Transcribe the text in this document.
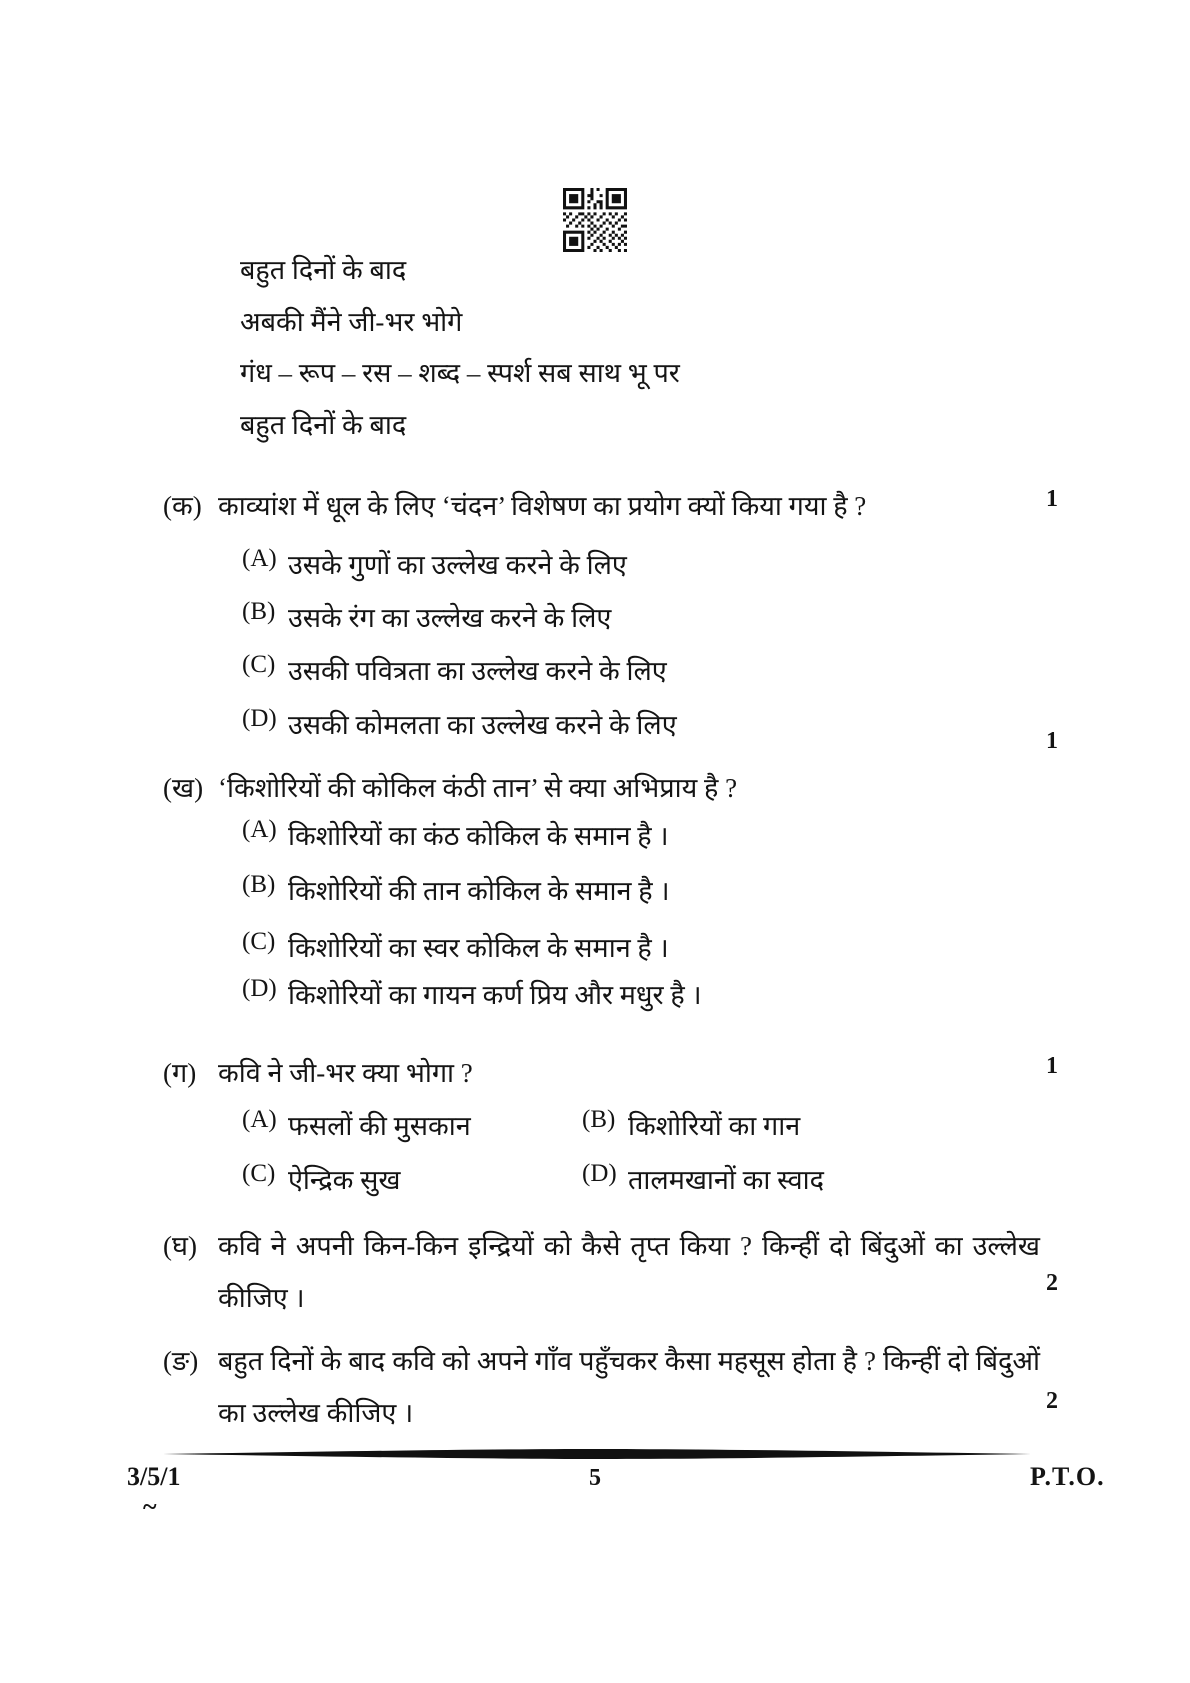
बहुत दिनों के बाद
अबकी मैंने जी-भर भोगे
गंध – रूप – रस – शब्द – स्पर्श सब साथ भू पर
बहुत दिनों के बाद
(क) काव्यांश में धूल के लिए ‘चंदन’ विशेषण का प्रयोग क्यों किया गया है ?	1
(A) उसके गुणों का उल्लेख करने के लिए
(B) उसके रंग का उल्लेख करने के लिए
(C) उसकी पवित्रता का उल्लेख करने के लिए
(D) उसकी कोमलता का उल्लेख करने के लिए
(ख) ‘किशोरियों की कोकिल कंठी तान’ से क्या अभिप्राय है ?
1
(A) किशोरियों का कंठ कोकिल के समान है ।
(B) किशोरियों की तान कोकिल के समान है ।
(C) किशोरियों का स्वर कोकिल के समान है ।
(D) किशोरियों का गायन कर्ण प्रिय और मधुर है ।
(ग) कवि ने जी-भर क्या भोगा ?	1
(A) फसलों की मुसकान	(B) किशोरियों का गान
(C) ऐन्द्रिक सुख	(D) तालमखानों का स्वाद
(घ) कवि ने अपनी किन-किन इन्द्रियों को कैसे तृप्त किया ? किन्हीं दो बिंदुओं का उल्लेख कीजिए ।	2
(ङ) बहुत दिनों के बाद कवि को अपने गाँव पहुँचकर कैसा महसूस होता है ? किन्हीं दो बिंदुओं का उल्लेख कीजिए ।	2
3/5/1	5	P.T.O.
~
